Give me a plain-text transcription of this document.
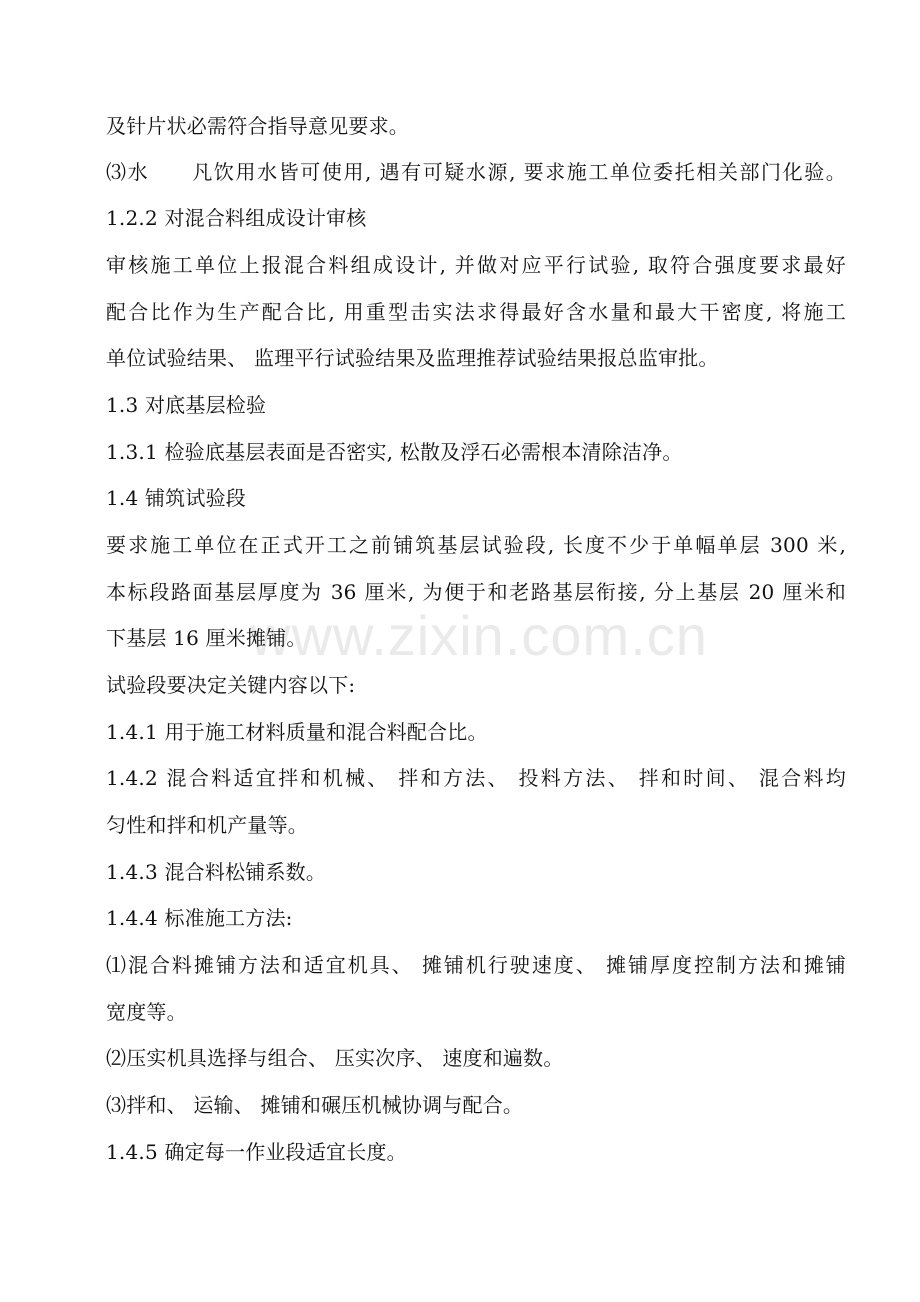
www.zixin.com.cn
及针片状必需符合指导意见要求。
⑶水　　凡饮用水皆可使用, 遇有可疑水源, 要求施工单位委托相关部门化验。
1.2.2 对混合料组成设计审核
审核施工单位上报混合料组成设计, 并做对应平行试验, 取符合强度要求最好
配合比作为生产配合比, 用重型击实法求得最好含水量和最大干密度, 将施工
单位试验结果、 监理平行试验结果及监理推荐试验结果报总监审批。
1.3 对底基层检验
1.3.1 检验底基层表面是否密实, 松散及浮石必需根本清除洁净。
1.4 铺筑试验段
要求施工单位在正式开工之前铺筑基层试验段, 长度不少于单幅单层 300 米,
本标段路面基层厚度为 36 厘米, 为便于和老路基层衔接, 分上基层 20 厘米和
下基层 16 厘米摊铺。
试验段要决定关键内容以下:
1.4.1 用于施工材料质量和混合料配合比。
1.4.2 混合料适宜拌和机械、 拌和方法、 投料方法、 拌和时间、 混合料均
匀性和拌和机产量等。
1.4.3 混合料松铺系数。
1.4.4 标准施工方法:
⑴混合料摊铺方法和适宜机具、 摊铺机行驶速度、 摊铺厚度控制方法和摊铺
宽度等。
⑵压实机具选择与组合、 压实次序、 速度和遍数。
⑶拌和、 运输、 摊铺和碾压机械协调与配合。
1.4.5 确定每一作业段适宜长度。
